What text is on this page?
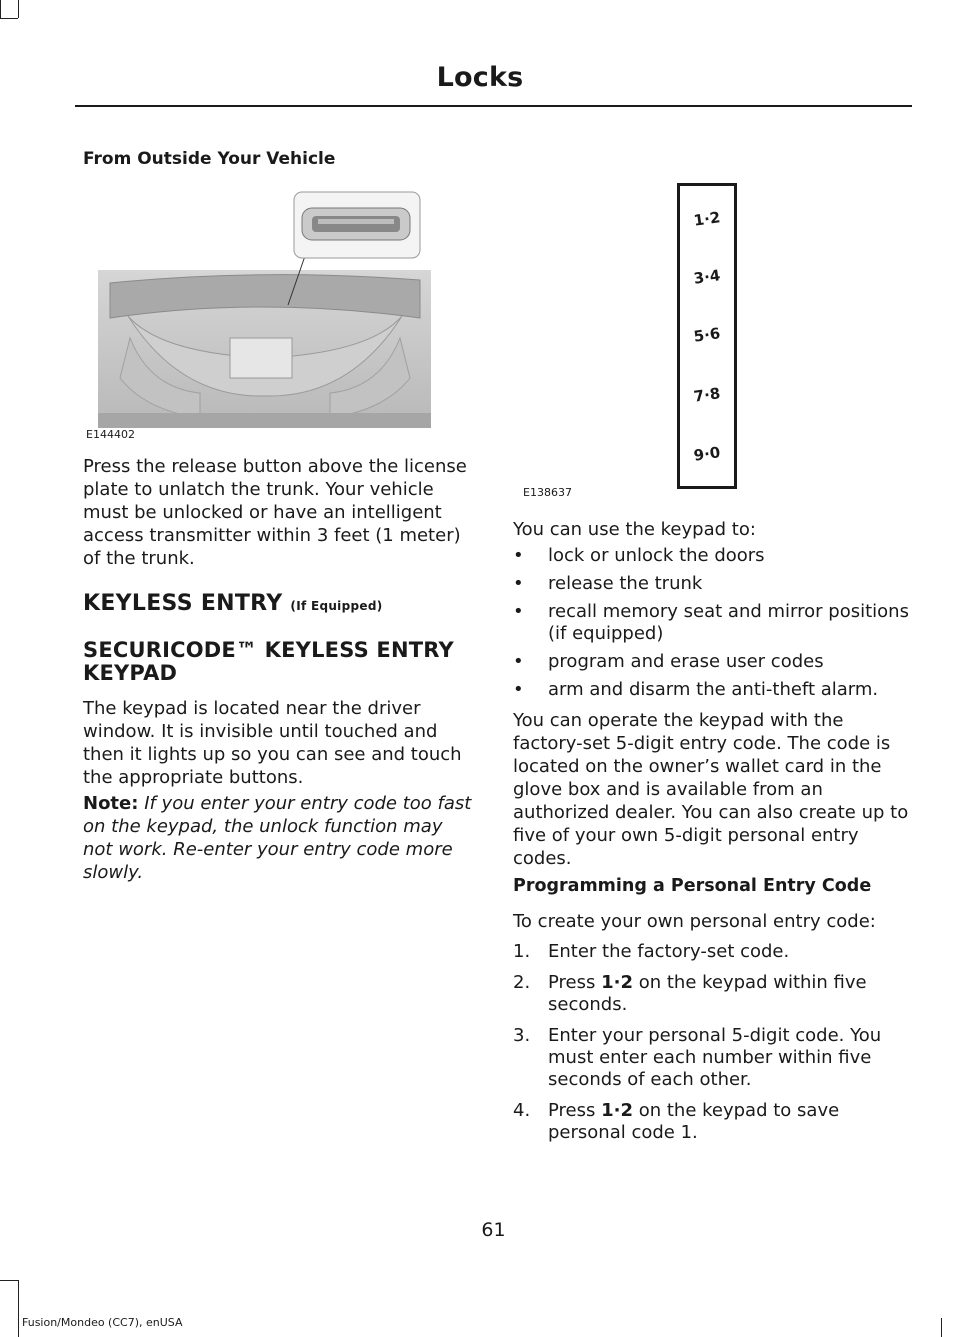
Locks
From Outside Your Vehicle
E144402
Press the release button above the license plate to unlatch the trunk. Your vehicle must be unlocked or have an intelligent access transmitter within 3 feet (1 meter) of the trunk.
KEYLESS ENTRY (If Equipped)
SECURICODE™ KEYLESS ENTRY KEYPAD
The keypad is located near the driver window. It is invisible until touched and then it lights up so you can see and touch the appropriate buttons.
Note: If you enter your entry code too fast on the keypad, the unlock function may not work. Re-enter your entry code more slowly.
1·2
3·4
5·6
7·8
9·0
E138637
You can use the keypad to:
• lock or unlock the doors
• release the trunk
• recall memory seat and mirror positions (if equipped)
• program and erase user codes
• arm and disarm the anti-theft alarm.
You can operate the keypad with the factory-set 5-digit entry code. The code is located on the owner’s wallet card in the glove box and is available from an authorized dealer. You can also create up to five of your own 5-digit personal entry codes.
Programming a Personal Entry Code
To create your own personal entry code:
1. Enter the factory-set code.
2. Press 1·2 on the keypad within five seconds.
3. Enter your personal 5-digit code. You must enter each number within five seconds of each other.
4. Press 1·2 on the keypad to save personal code 1.
61
Fusion/Mondeo (CC7), enUSA
